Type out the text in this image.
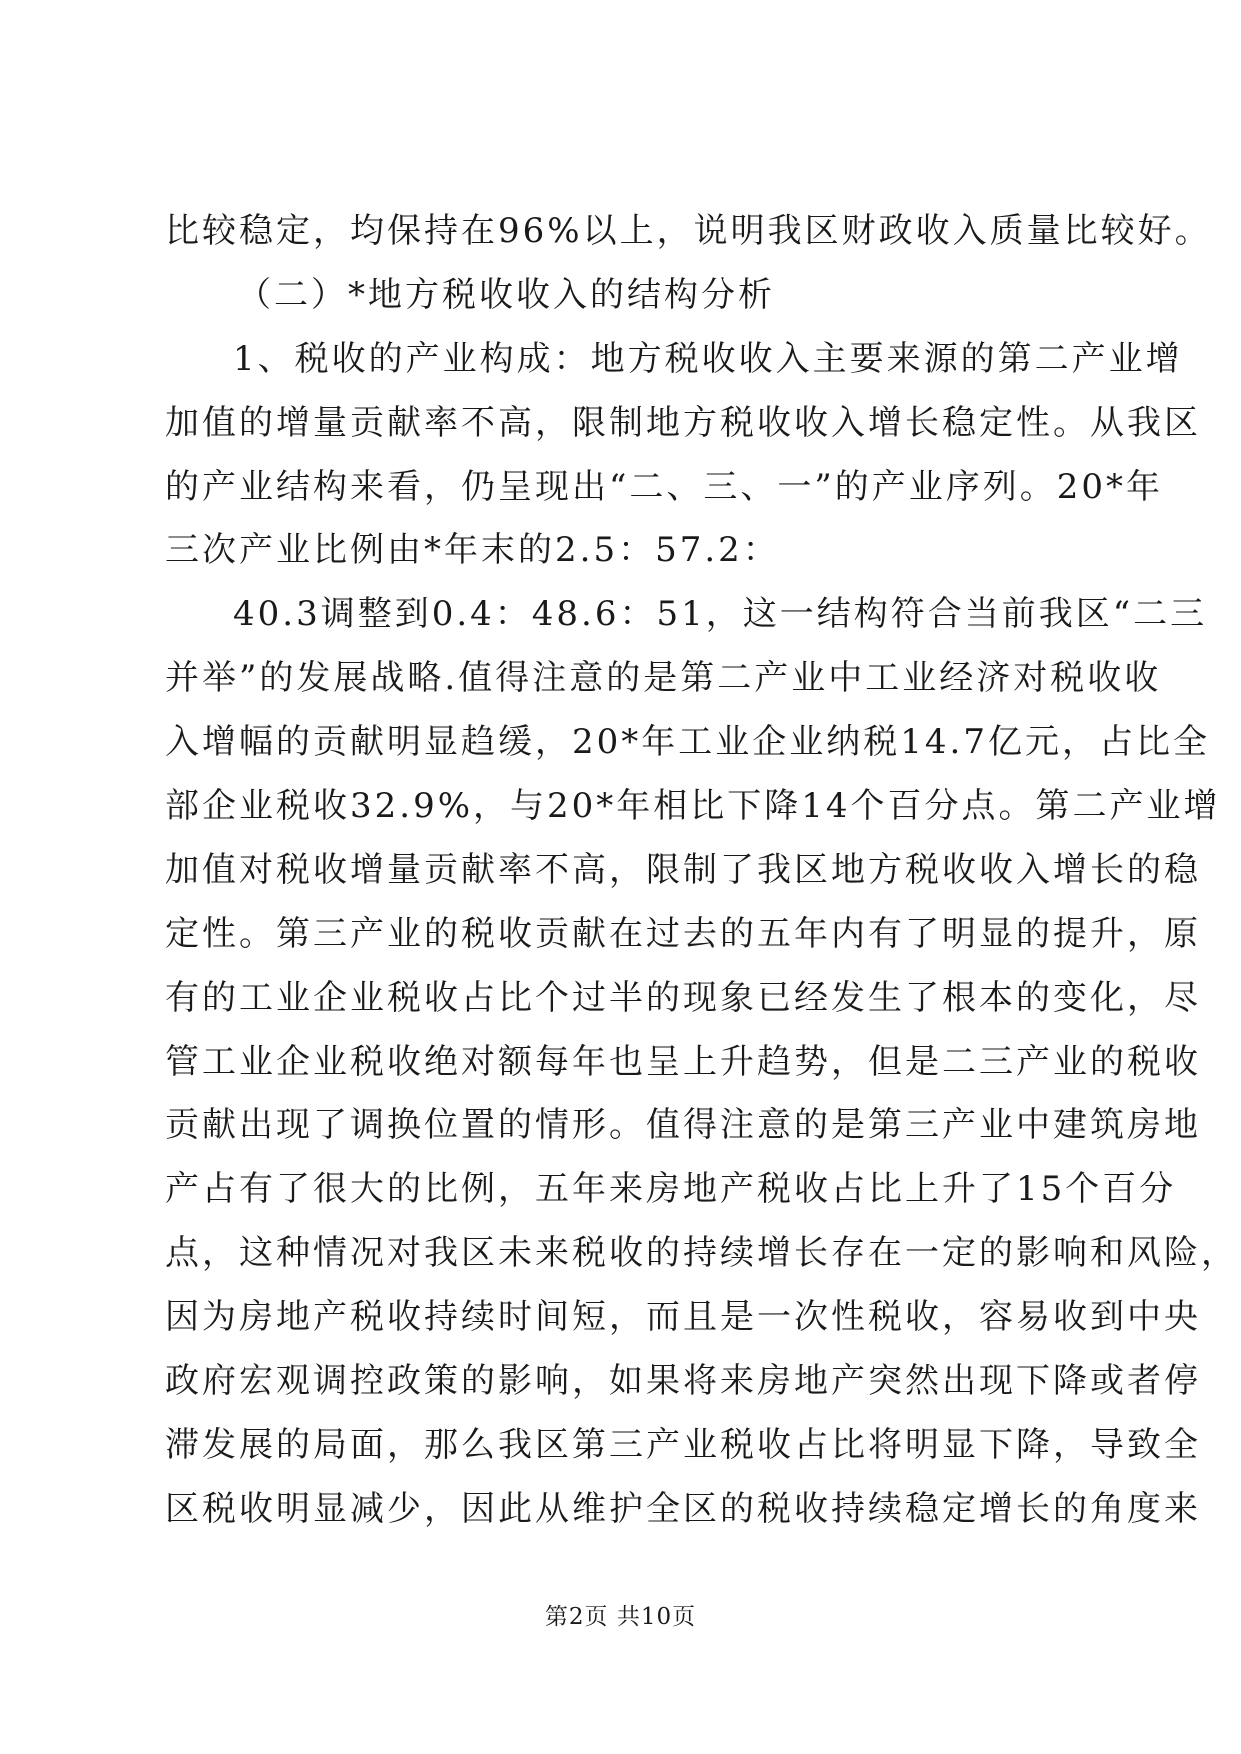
比较稳定，均保持在96%以上，说明我区财政收入质量比较好。
（二）*地方税收收入的结构分析
1、税收的产业构成：地方税收收入主要来源的第二产业增
加值的增量贡献率不高，限制地方税收收入增长稳定性。从我区
的产业结构来看，仍呈现出“二、三、一”的产业序列。20*年
三次产业比例由*年末的2.5：57.2：
40.3调整到0.4：48.6：51，这一结构符合当前我区“二三
并举”的发展战略.值得注意的是第二产业中工业经济对税收收
入增幅的贡献明显趋缓，20*年工业企业纳税14.7亿元，占比全
部企业税收32.9%，与20*年相比下降14个百分点。第二产业增
加值对税收增量贡献率不高，限制了我区地方税收收入增长的稳
定性。第三产业的税收贡献在过去的五年内有了明显的提升，原
有的工业企业税收占比个过半的现象已经发生了根本的变化，尽
管工业企业税收绝对额每年也呈上升趋势，但是二三产业的税收
贡献出现了调换位置的情形。值得注意的是第三产业中建筑房地
产占有了很大的比例，五年来房地产税收占比上升了15个百分
点，这种情况对我区未来税收的持续增长存在一定的影响和风险，
因为房地产税收持续时间短，而且是一次性税收，容易收到中央
政府宏观调控政策的影响，如果将来房地产突然出现下降或者停
滞发展的局面，那么我区第三产业税收占比将明显下降，导致全
区税收明显减少，因此从维护全区的税收持续稳定增长的角度来
第2页 共10页
